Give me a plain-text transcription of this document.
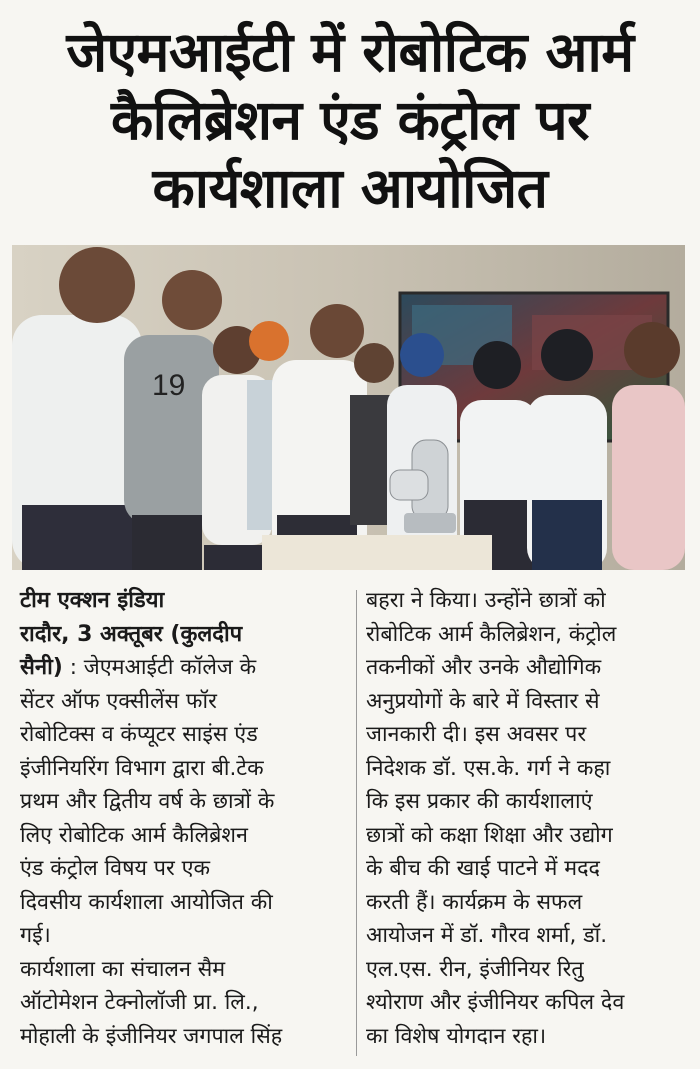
जेएमआईटी में रोबोटिक आर्म
कैलिब्रेशन एंड कंट्रोल पर
कार्यशाला आयोजित
19
टीम एक्शन इंडिया
रादौर, 3 अक्तूबर (कुलदीप
सैनी) : जेएमआईटी कॉलेज के
सेंटर ऑफ एक्सीलेंस फॉर
रोबोटिक्स व कंप्यूटर साइंस एंड
इंजीनियरिंग विभाग द्वारा बी.टेक
प्रथम और द्वितीय वर्ष के छात्रों के
लिए रोबोटिक आर्म कैलिब्रेशन
एंड कंट्रोल विषय पर एक
दिवसीय कार्यशाला आयोजित की
गई।
कार्यशाला का संचालन सैम
ऑटोमेशन टेक्नोलॉजी प्रा. लि.,
मोहाली के इंजीनियर जगपाल सिंह
बहरा ने किया। उन्होंने छात्रों को
रोबोटिक आर्म कैलिब्रेशन, कंट्रोल
तकनीकों और उनके औद्योगिक
अनुप्रयोगों के बारे में विस्तार से
जानकारी दी। इस अवसर पर
निदेशक डॉ. एस.के. गर्ग ने कहा
कि इस प्रकार की कार्यशालाएं
छात्रों को कक्षा शिक्षा और उद्योग
के बीच की खाई पाटने में मदद
करती हैं। कार्यक्रम के सफल
आयोजन में डॉ. गौरव शर्मा, डॉ.
एल.एस. रीन, इंजीनियर रितु
श्योराण और इंजीनियर कपिल देव
का विशेष योगदान रहा।
